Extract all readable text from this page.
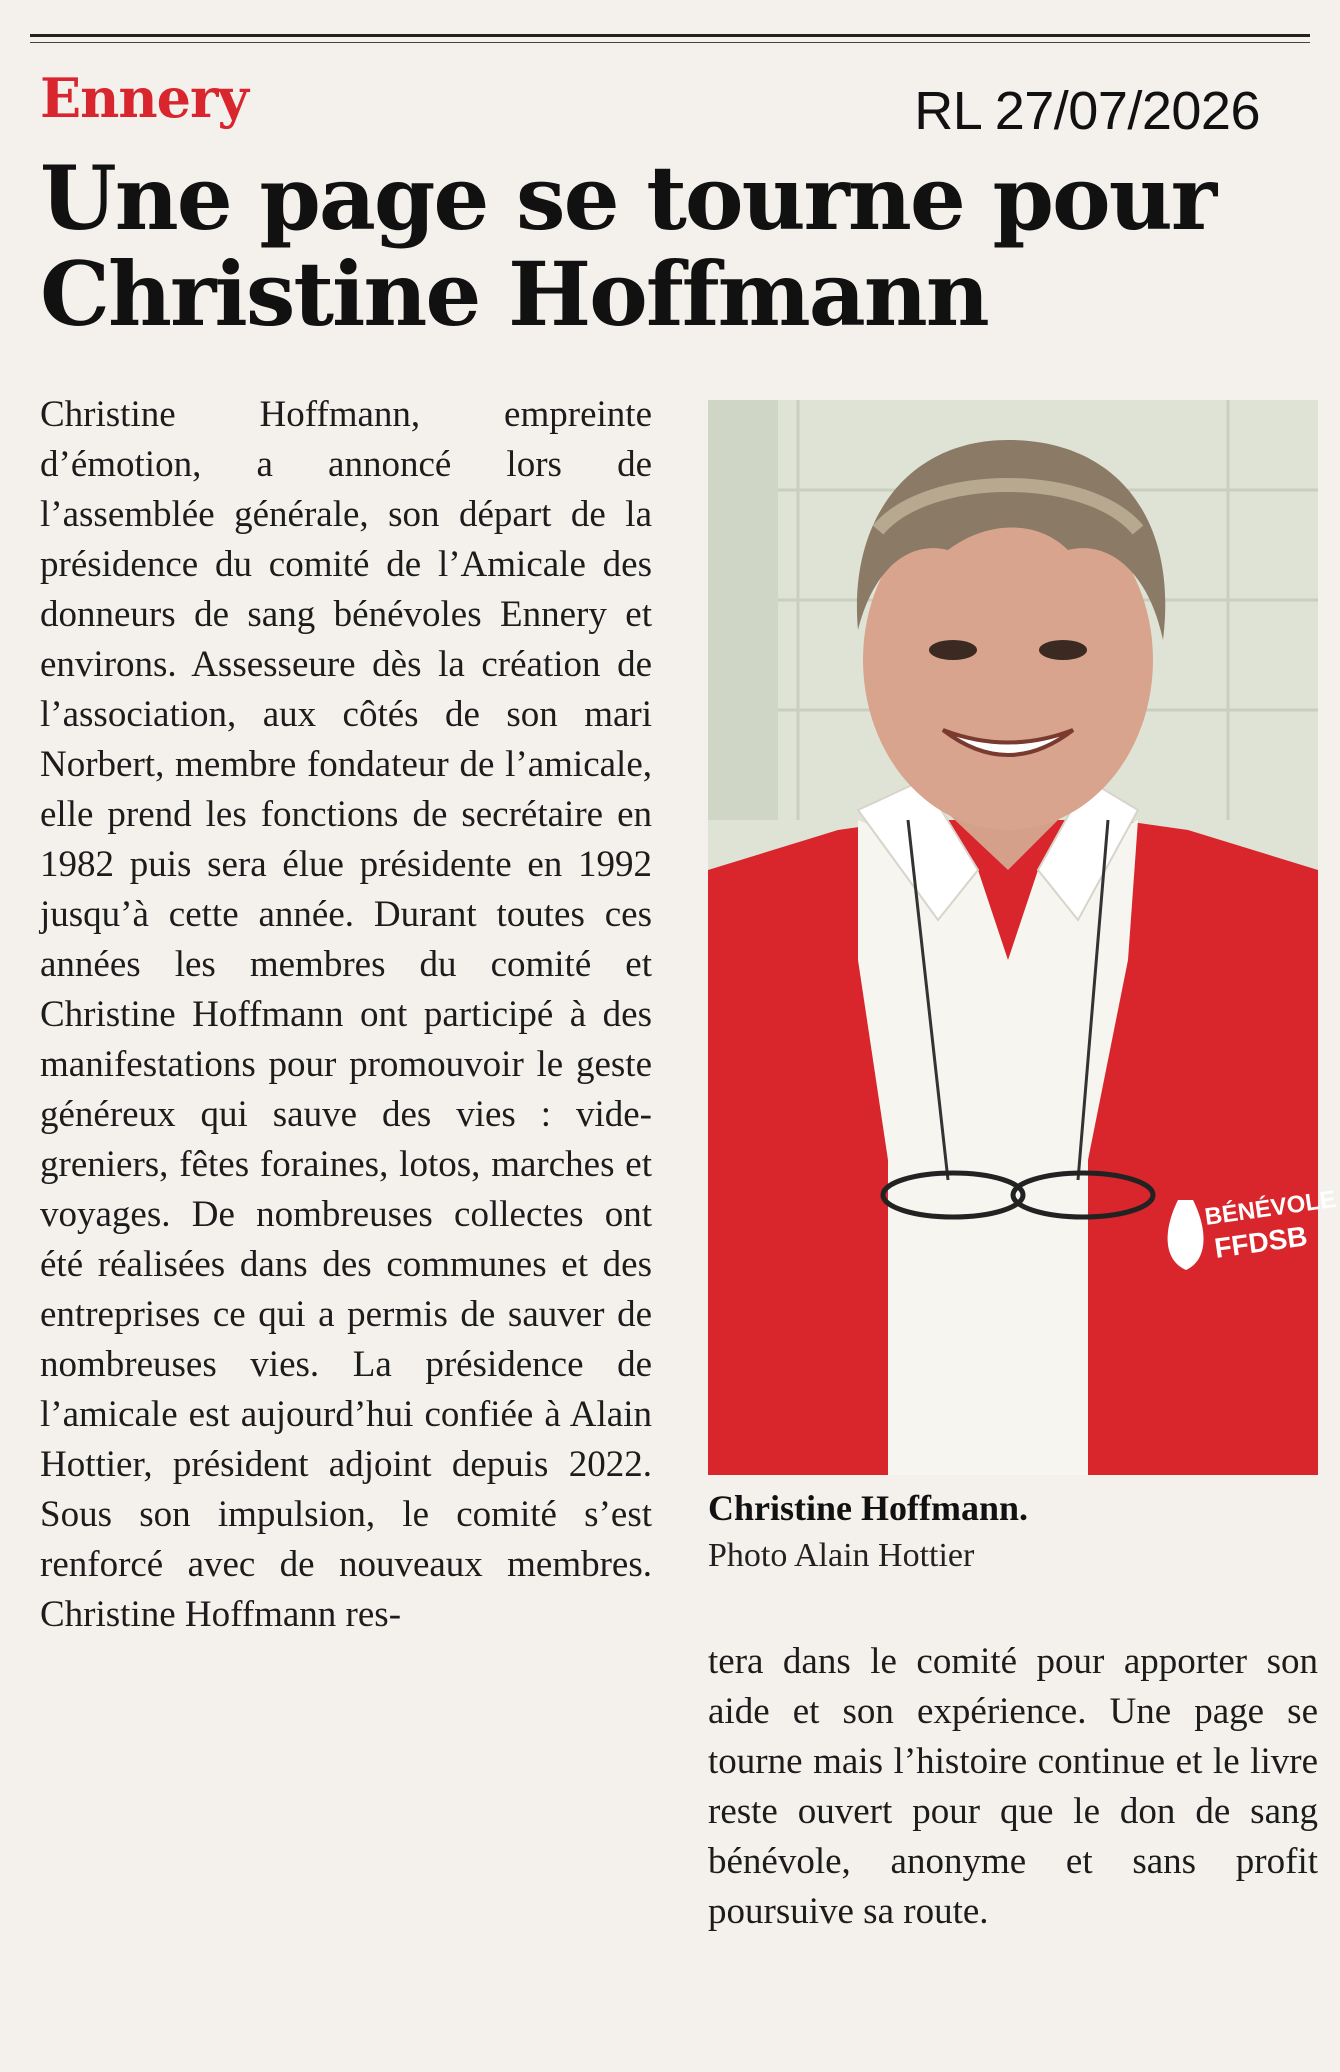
Ennery	RL 27/07/2026
Une page se tourne pour Christine Hoffmann
Christine Hoffmann, empreinte d’émotion, a annoncé lors de l’assemblée générale, son départ de la présidence du comité de l’Amicale des donneurs de sang bénévoles Ennery et environs. Assesseure dès la création de l’association, aux côtés de son mari Norbert, membre fondateur de l’amicale, elle prend les fonctions de secrétaire en 1982 puis sera élue présidente en 1992 jusqu’à cette année. Durant toutes ces années les membres du comité et Christine Hoffmann ont participé à des manifestations pour promouvoir le geste généreux qui sauve des vies : vide-greniers, fêtes foraines, lotos, marches et voyages. De nombreuses collectes ont été réalisées dans des communes et des entreprises ce qui a permis de sauver de nombreuses vies. La présidence de l’amicale est aujourd’hui confiée à Alain Hottier, président adjoint depuis 2022. Sous son impulsion, le comité s’est renforcé avec de nouveaux membres. Christine Hoffmann res-
BÉNÉVOLE
FFDSB
Christine Hoffmann.
Photo Alain Hottier
tera dans le comité pour apporter son aide et son expérience. Une page se tourne mais l’histoire continue et le livre reste ouvert pour que le don de sang bénévole, anonyme et sans profit poursuive sa route.
